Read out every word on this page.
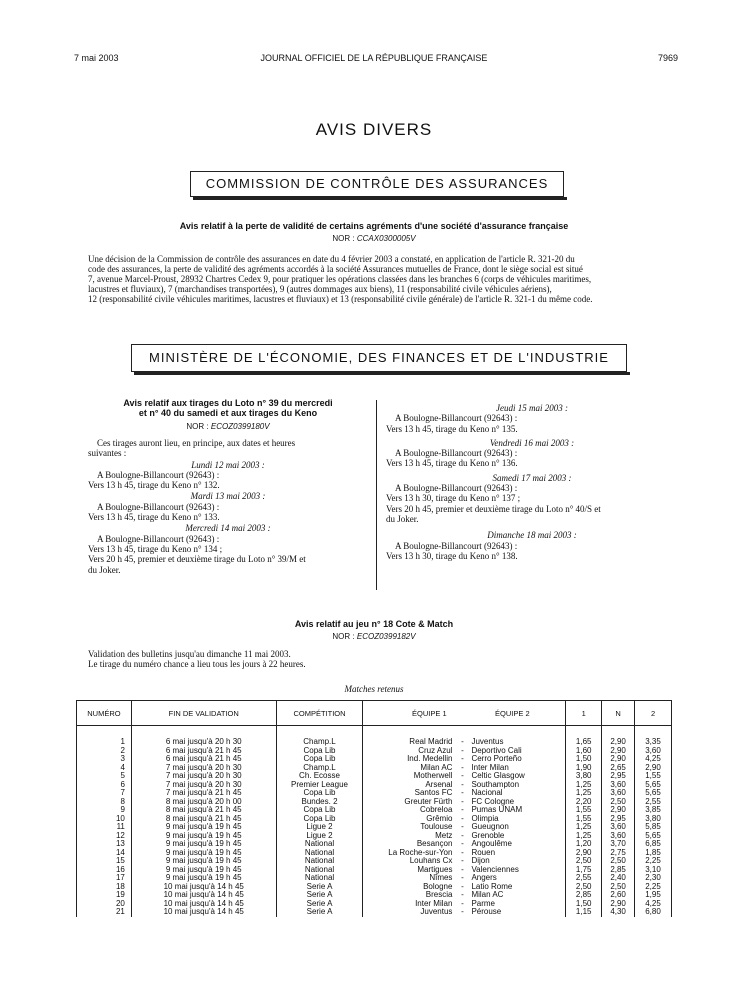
7 mai 2003	JOURNAL OFFICIEL DE LA RÉPUBLIQUE FRANÇAISE	7969
AVIS DIVERS
COMMISSION DE CONTRÔLE DES ASSURANCES
Avis relatif à la perte de validité de certains agréments d'une société d'assurance française
NOR : CCAX0300005V
Une décision de la Commission de contrôle des assurances en date du 4 février 2003 a constaté, en application de l'article R. 321-20 du
code des assurances, la perte de validité des agréments accordés à la société Assurances mutuelles de France, dont le siège social est situé
7, avenue Marcel-Proust, 28932 Chartres Cedex 9, pour pratiquer les opérations classées dans les branches 6 (corps de véhicules maritimes,
lacustres et fluviaux), 7 (marchandises transportées), 9 (autres dommages aux biens), 11 (responsabilité civile véhicules aériens),
12 (responsabilité civile véhicules maritimes, lacustres et fluviaux) et 13 (responsabilité civile générale) de l'article R. 321-1 du même code.
MINISTÈRE DE L'ÉCONOMIE, DES FINANCES ET DE L'INDUSTRIE
Avis relatif aux tirages du Loto n° 39 du mercredi
et n° 40 du samedi et aux tirages du Keno
NOR : ECOZ0399180V

Ces tirages auront lieu, en principe, aux dates et heures

suivantes :

Lundi 12 mai 2003 :

A Boulogne-Billancourt (92643) :

Vers 13 h 45, tirage du Keno n° 132.

Mardi 13 mai 2003 :

A Boulogne-Billancourt (92643) :

Vers 13 h 45, tirage du Keno n° 133.

Mercredi 14 mai 2003 :

A Boulogne-Billancourt (92643) :

Vers 13 h 45, tirage du Keno n° 134 ;

Vers 20 h 45, premier et deuxième tirage du Loto n° 39/M et

du Joker.

Jeudi 15 mai 2003 :

A Boulogne-Billancourt (92643) :

Vers 13 h 45, tirage du Keno n° 135.

Vendredi 16 mai 2003 :

A Boulogne-Billancourt (92643) :

Vers 13 h 45, tirage du Keno n° 136.

Samedi 17 mai 2003 :

A Boulogne-Billancourt (92643) :

Vers 13 h 30, tirage du Keno n° 137 ;

Vers 20 h 45, premier et deuxième tirage du Loto n° 40/S et

du Joker.

Dimanche 18 mai 2003 :

A Boulogne-Billancourt (92643) :

Vers 13 h 30, tirage du Keno n° 138.

Avis relatif au jeu n° 18 Cote & Match
NOR : ECOZ0399182V

Validation des bulletins jusqu'au dimanche 11 mai 2003.

Le tirage du numéro chance a lieu tous les jours à 22 heures.

Matches retenus
NUMÉRO	FIN DE VALIDATION	COMPÉTITION	ÉQUIPE 1 ÉQUIPE 2	1	N	2
1	6 mai jusqu'à 20 h 30	Champ.L	Real Madrid - Juventus	1,65	2,90	3,35
2	6 mai jusqu'à 21 h 45	Copa Lib	Cruz Azul - Deportivo Cali	1,60	2,90	3,60
3	6 mai jusqu'à 21 h 45	Copa Lib	Ind. Medellin - Cerro Porteño	1,50	2,90	4,25
4	7 mai jusqu'à 20 h 30	Champ.L	Milan AC - Inter Milan	1,90	2,65	2,90
5	7 mai jusqu'à 20 h 30	Ch. Ecosse	Motherwell - Celtic Glasgow	3,80	2,95	1,55
6	7 mai jusqu'à 20 h 30	Premier League	Arsenal - Southampton	1,25	3,60	5,65
7	7 mai jusqu'à 21 h 45	Copa Lib	Santos FC - Nacional	1,25	3,60	5,65
8	8 mai jusqu'à 20 h 00	Bundes. 2	Greuter Fürth - FC Cologne	2,20	2,50	2,55
9	8 mai jusqu'à 21 h 45	Copa Lib	Cobreloa - Pumas UNAM	1,55	2,90	3,85
10	8 mai jusqu'à 21 h 45	Copa Lib	Grêmio - Olimpia	1,55	2,95	3,80
11	9 mai jusqu'à 19 h 45	Ligue 2	Toulouse - Gueugnon	1,25	3,60	5,85
12	9 mai jusqu'à 19 h 45	Ligue 2	Metz - Grenoble	1,25	3,60	5,65
13	9 mai jusqu'à 19 h 45	National	Besançon - Angoulême	1,20	3,70	6,85
14	9 mai jusqu'à 19 h 45	National	La Roche-sur-Yon - Rouen	2,90	2,75	1,85
15	9 mai jusqu'à 19 h 45	National	Louhans Cx - Dijon	2,50	2,50	2,25
16	9 mai jusqu'à 19 h 45	National	Martigues - Valenciennes	1,75	2,85	3,10
17	9 mai jusqu'à 19 h 45	National	Nîmes - Angers	2,55	2,40	2,30
18	10 mai jusqu'à 14 h 45	Serie A	Bologne - Latio Rome	2,50	2,50	2,25
19	10 mai jusqu'à 14 h 45	Serie A	Brescia - Milan AC	2,85	2,60	1,95
20	10 mai jusqu'à 14 h 45	Serie A	Inter Milan - Parme	1,50	2,90	4,25
21	10 mai jusqu'à 14 h 45	Serie A	Juventus - Pérouse	1,15	4,30	6,80
